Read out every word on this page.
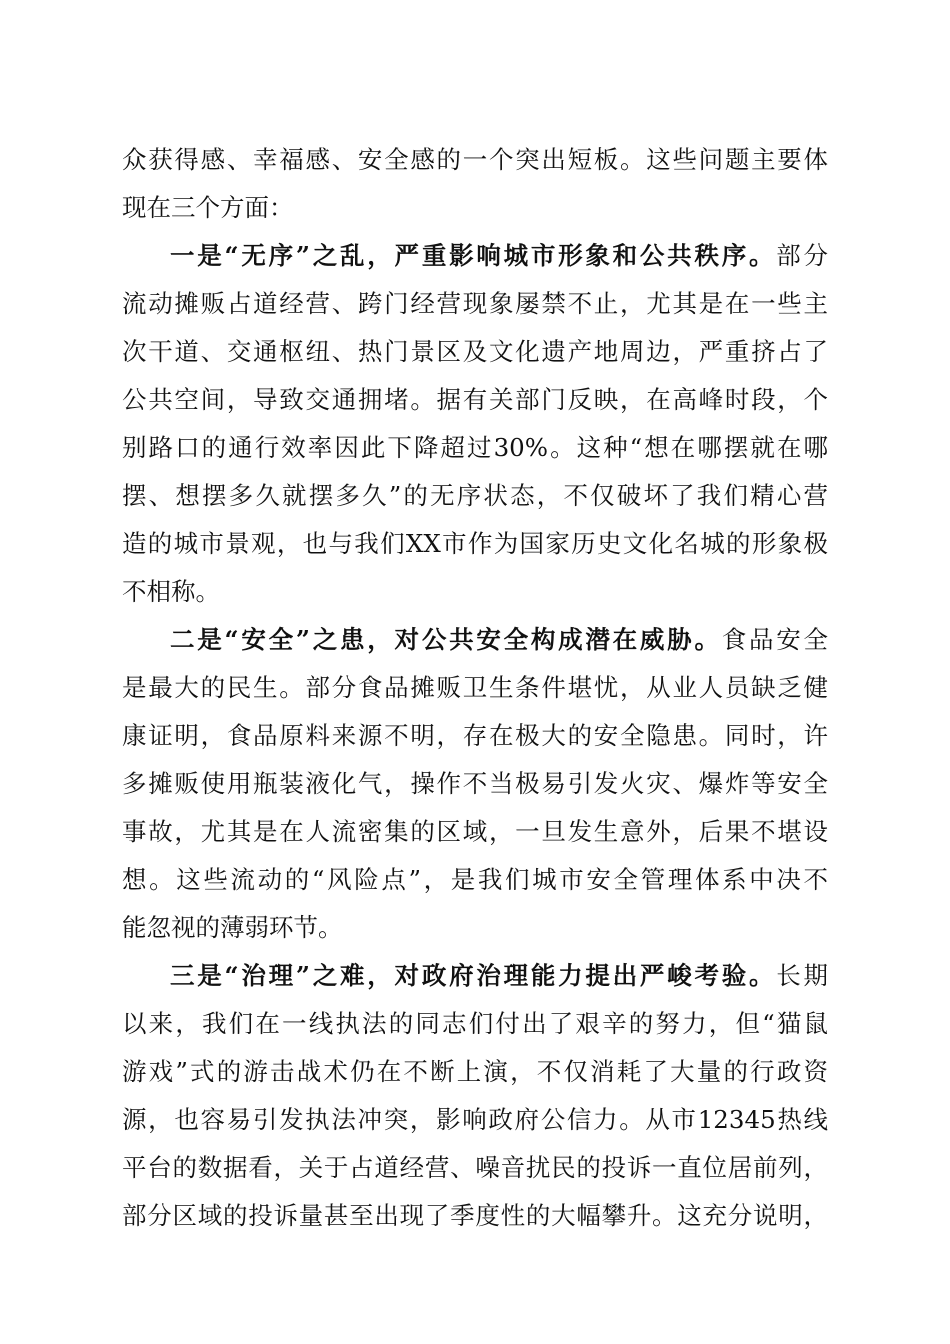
众获得感、幸福感、安全感的一个突出短板。这些问题主要体
现在三个方面：
一是“无序”之乱，严重影响城市形象和公共秩序。部分
流动摊贩占道经营、跨门经营现象屡禁不止，尤其是在一些主
次干道、交通枢纽、热门景区及文化遗产地周边，严重挤占了
公共空间，导致交通拥堵。据有关部门反映，在高峰时段，个
别路口的通行效率因此下降超过30%。这种“想在哪摆就在哪
摆、想摆多久就摆多久”的无序状态，不仅破坏了我们精心营
造的城市景观，也与我们XX市作为国家历史文化名城的形象极
不相称。
二是“安全”之患，对公共安全构成潜在威胁。食品安全
是最大的民生。部分食品摊贩卫生条件堪忧，从业人员缺乏健
康证明，食品原料来源不明，存在极大的安全隐患。同时，许
多摊贩使用瓶装液化气，操作不当极易引发火灾、爆炸等安全
事故，尤其是在人流密集的区域，一旦发生意外，后果不堪设
想。这些流动的“风险点”，是我们城市安全管理体系中决不
能忽视的薄弱环节。
三是“治理”之难，对政府治理能力提出严峻考验。长期
以来，我们在一线执法的同志们付出了艰辛的努力，但“猫鼠
游戏”式的游击战术仍在不断上演，不仅消耗了大量的行政资
源，也容易引发执法冲突，影响政府公信力。从市12345热线
平台的数据看，关于占道经营、噪音扰民的投诉一直位居前列，
部分区域的投诉量甚至出现了季度性的大幅攀升。这充分说明，
